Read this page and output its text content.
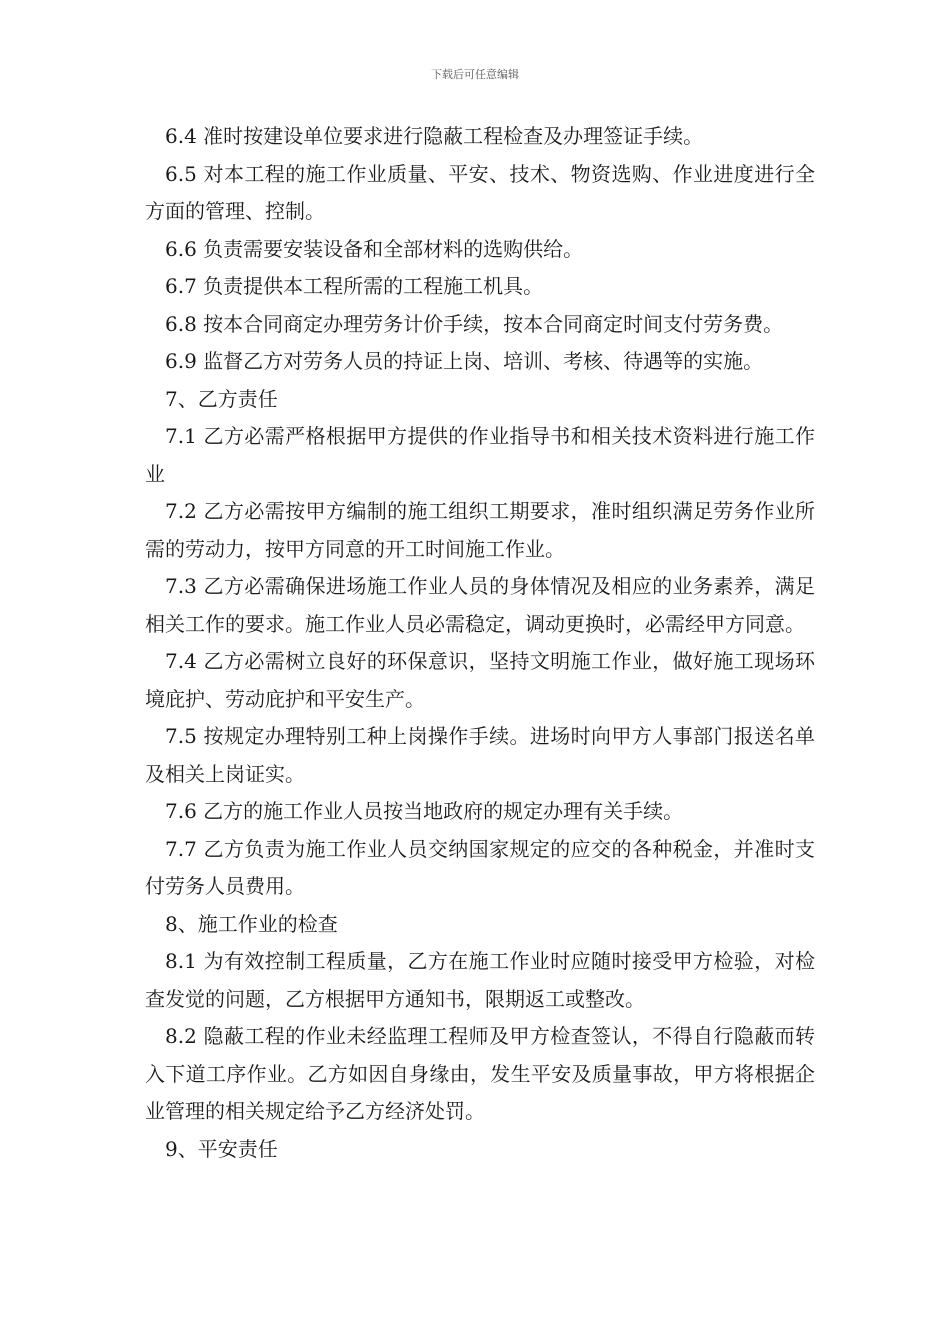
下载后可任意编辑

6.4 准时按建设单位要求进行隐蔽工程检查及办理签证手续。

6.5 对本工程的施工作业质量、平安、技术、物资选购、作业进度进行全方面的管理、控制。

6.6 负责需要安装设备和全部材料的选购供给。

6.7 负责提供本工程所需的工程施工机具。

6.8 按本合同商定办理劳务计价手续，按本合同商定时间支付劳务费。

6.9 监督乙方对劳务人员的持证上岗、培训、考核、待遇等的实施。

7、乙方责任

7.1 乙方必需严格根据甲方提供的作业指导书和相关技术资料进行施工作业

7.2 乙方必需按甲方编制的施工组织工期要求，准时组织满足劳务作业所需的劳动力，按甲方同意的开工时间施工作业。

7.3 乙方必需确保进场施工作业人员的身体情况及相应的业务素养，满足相关工作的要求。施工作业人员必需稳定，调动更换时，必需经甲方同意。

7.4 乙方必需树立良好的环保意识，坚持文明施工作业，做好施工现场环境庇护、劳动庇护和平安生产。

7.5 按规定办理特别工种上岗操作手续。进场时向甲方人事部门报送名单及相关上岗证实。

7.6 乙方的施工作业人员按当地政府的规定办理有关手续。

7.7 乙方负责为施工作业人员交纳国家规定的应交的各种税金，并准时支付劳务人员费用。

8、施工作业的检查

8.1 为有效控制工程质量，乙方在施工作业时应随时接受甲方检验，对检查发觉的问题，乙方根据甲方通知书，限期返工或整改。

8.2 隐蔽工程的作业未经监理工程师及甲方检查签认，不得自行隐蔽而转入下道工序作业。乙方如因自身缘由，发生平安及质量事故，甲方将根据企业管理的相关规定给予乙方经济处罚。

9、平安责任
